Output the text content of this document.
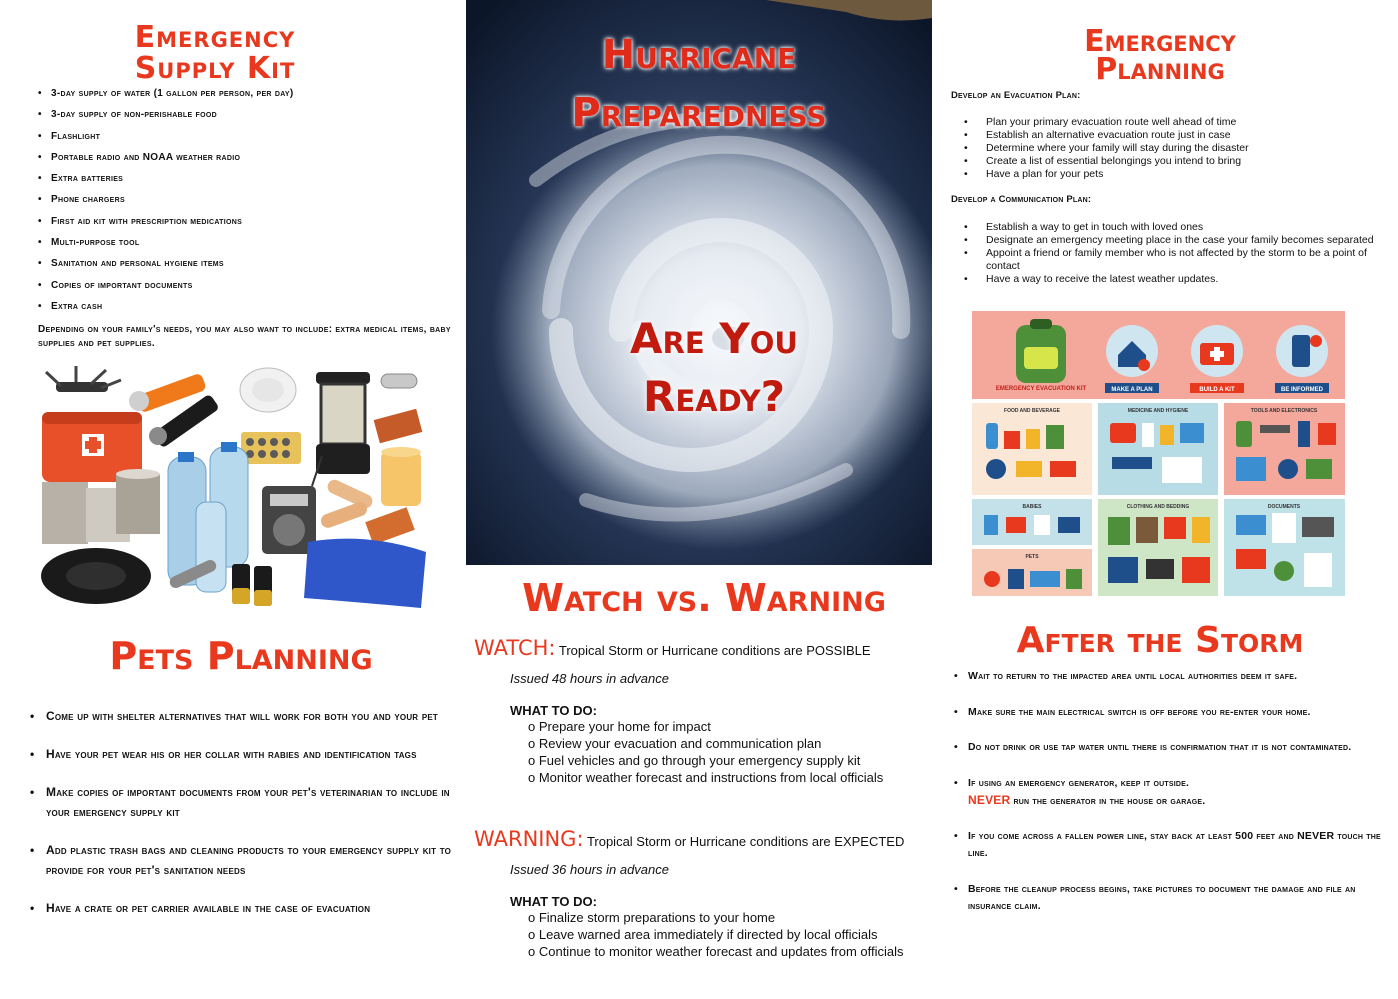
Emergency
Supply Kit
• 3-day supply of water (1 gallon per person, per day)
• 3-day supply of non-perishable food
• Flashlight
• Portable radio and NOAA weather radio
• Extra batteries
• Phone chargers
• First aid kit with prescription medications
• Multi-purpose tool
• Sanitation and personal hygiene items
• Copies of important documents
• Extra cash

Depending on your family's needs, you may also want to include: extra medical items, baby supplies and pet supplies.

Pets Planning
• Come up with shelter alternatives that will work for both you and your pet
• Have your pet wear his or her collar with rabies and identification tags
• Make copies of important documents from your pet's veterinarian to include in your emergency supply kit
• Add plastic trash bags and cleaning products to your emergency supply kit to provide for your pet's sanitation needs
• Have a crate or pet carrier available in the case of evacuation
Hurricane
Preparedness
Are You
Ready?
Watch vs. Warning
WATCH: Tropical Storm or Hurricane conditions are POSSIBLE
Issued 48 hours in advance
WHAT TO DO:
o Prepare your home for impact
o Review your evacuation and communication plan
o Fuel vehicles and go through your emergency supply kit
o Monitor weather forecast and instructions from local officials
WARNING: Tropical Storm or Hurricane conditions are EXPECTED
Issued 36 hours in advance
WHAT TO DO:
o Finalize storm preparations to your home
o Leave warned area immediately if directed by local officials
o Continue to monitor weather forecast and updates from officials
Emergency
Planning
Develop an Evacuation Plan:
• Plan your primary evacuation route well ahead of time
• Establish an alternative evacuation route just in case
• Determine where your family will stay during the disaster
• Create a list of essential belongings you intend to bring
• Have a plan for your pets
Develop a Communication Plan:
• Establish a way to get in touch with loved ones
• Designate an emergency meeting place in the case your family becomes separated
• Appoint a friend or family member who is not affected by the storm to be a point of contact
• Have a way to receive the latest weather updates.
EMERGENCY EVACUATION KIT	MAKE A PLAN	BUILD A KIT	BE INFORMED
FOOD AND BEVERAGE	MEDICINE AND HYGIENE	TOOLS AND ELECTRONICS
BABIES	CLOTHING AND BEDDING	DOCUMENTS
PETS
After the Storm
• Wait to return to the impacted area until local authorities deem it safe.
• Make sure the main electrical switch is off before you re-enter your home.
• Do not drink or use tap water until there is confirmation that it is not contaminated.
• If using an emergency generator, keep it outside.
NEVER run the generator in the house or garage.
• If you come across a fallen power line, stay back at least 500 feet and NEVER touch the line.
• Before the cleanup process begins, take pictures to document the damage and file an insurance claim.
